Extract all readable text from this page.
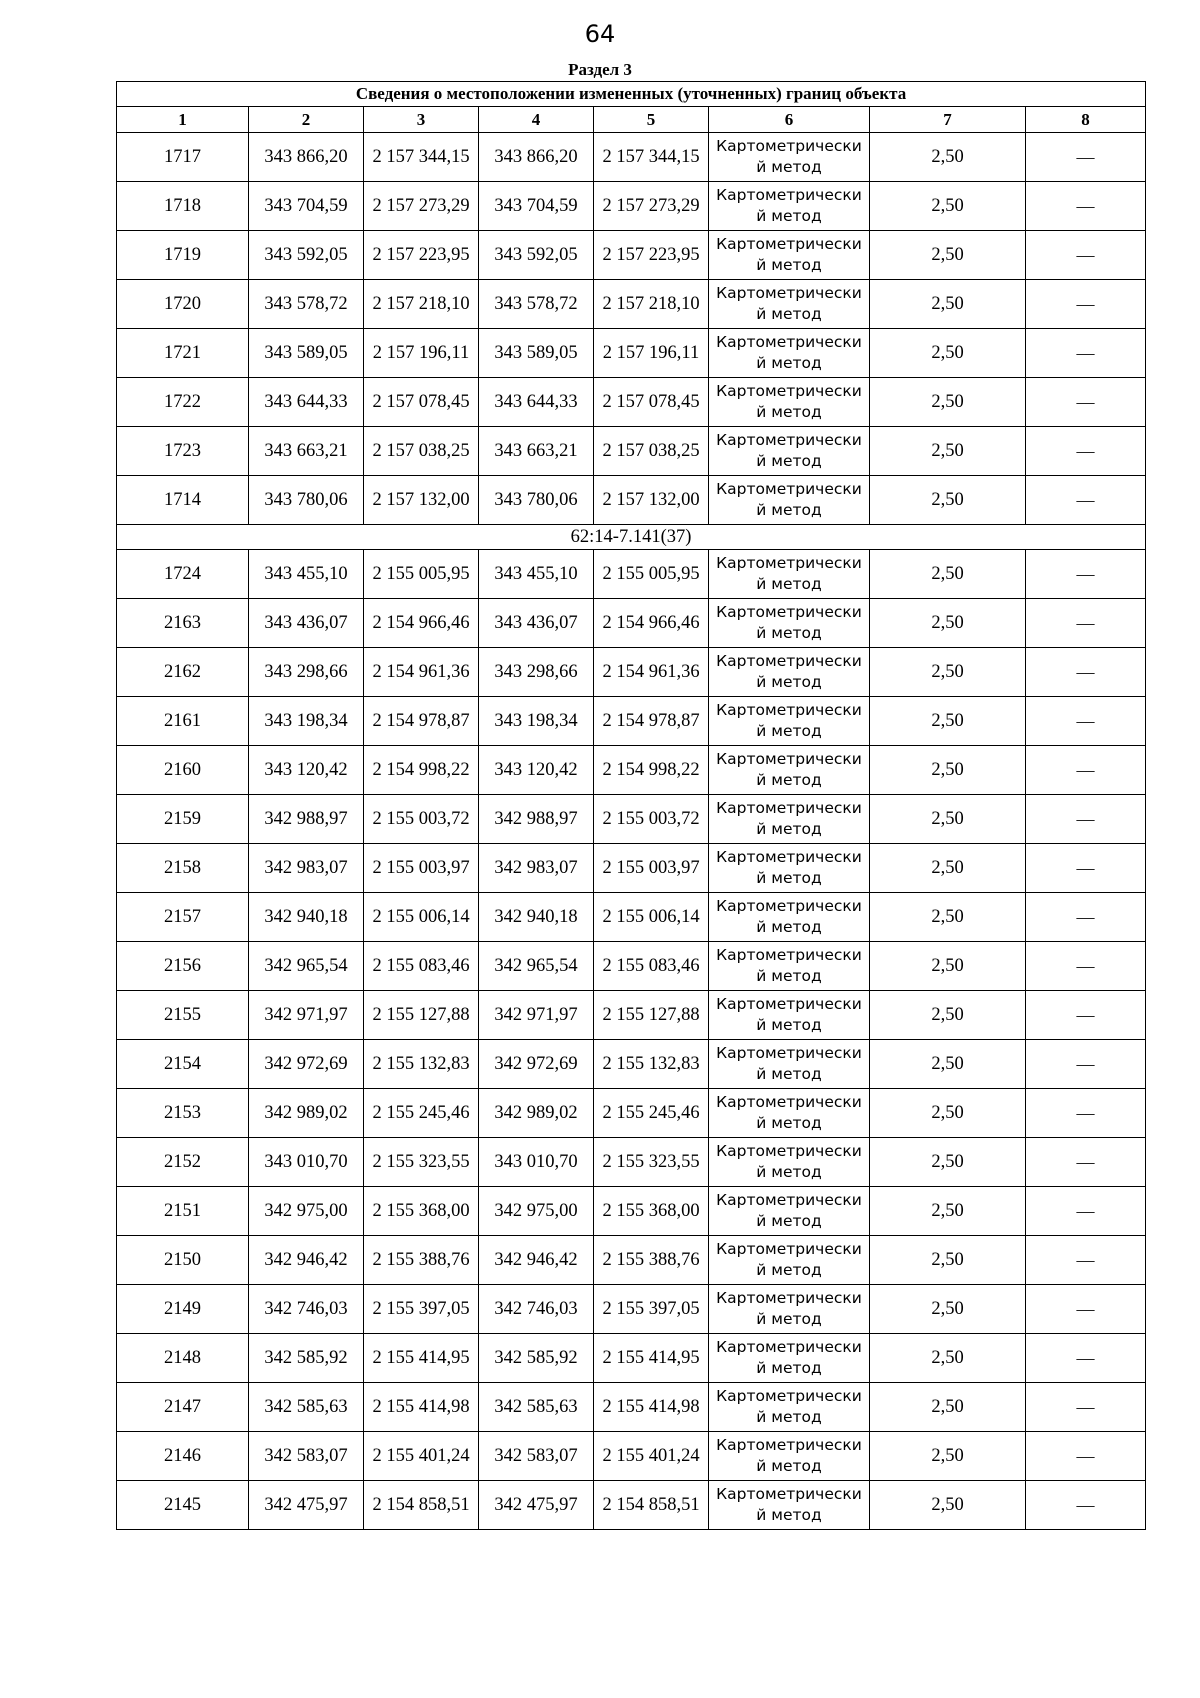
64
Раздел 3
Сведения о местоположении измененных (уточненных) границ объекта							
1	2	3	4	5	6	7	8
1717	343 866,20	2 157 344,15	343 866,20	2 157 344,15	Картометрически й метод	2,50	—
1718	343 704,59	2 157 273,29	343 704,59	2 157 273,29	Картометрически й метод	2,50	—
1719	343 592,05	2 157 223,95	343 592,05	2 157 223,95	Картометрически й метод	2,50	—
1720	343 578,72	2 157 218,10	343 578,72	2 157 218,10	Картометрически й метод	2,50	—
1721	343 589,05	2 157 196,11	343 589,05	2 157 196,11	Картометрически й метод	2,50	—
1722	343 644,33	2 157 078,45	343 644,33	2 157 078,45	Картометрически й метод	2,50	—
1723	343 663,21	2 157 038,25	343 663,21	2 157 038,25	Картометрически й метод	2,50	—
1714	343 780,06	2 157 132,00	343 780,06	2 157 132,00	Картометрически й метод	2,50	—
62:14-7.141(37)							
1724	343 455,10	2 155 005,95	343 455,10	2 155 005,95	Картометрически й метод	2,50	—
2163	343 436,07	2 154 966,46	343 436,07	2 154 966,46	Картометрически й метод	2,50	—
2162	343 298,66	2 154 961,36	343 298,66	2 154 961,36	Картометрически й метод	2,50	—
2161	343 198,34	2 154 978,87	343 198,34	2 154 978,87	Картометрически й метод	2,50	—
2160	343 120,42	2 154 998,22	343 120,42	2 154 998,22	Картометрически й метод	2,50	—
2159	342 988,97	2 155 003,72	342 988,97	2 155 003,72	Картометрически й метод	2,50	—
2158	342 983,07	2 155 003,97	342 983,07	2 155 003,97	Картометрически й метод	2,50	—
2157	342 940,18	2 155 006,14	342 940,18	2 155 006,14	Картометрически й метод	2,50	—
2156	342 965,54	2 155 083,46	342 965,54	2 155 083,46	Картометрически й метод	2,50	—
2155	342 971,97	2 155 127,88	342 971,97	2 155 127,88	Картометрически й метод	2,50	—
2154	342 972,69	2 155 132,83	342 972,69	2 155 132,83	Картометрически й метод	2,50	—
2153	342 989,02	2 155 245,46	342 989,02	2 155 245,46	Картометрически й метод	2,50	—
2152	343 010,70	2 155 323,55	343 010,70	2 155 323,55	Картометрически й метод	2,50	—
2151	342 975,00	2 155 368,00	342 975,00	2 155 368,00	Картометрически й метод	2,50	—
2150	342 946,42	2 155 388,76	342 946,42	2 155 388,76	Картометрически й метод	2,50	—
2149	342 746,03	2 155 397,05	342 746,03	2 155 397,05	Картометрически й метод	2,50	—
2148	342 585,92	2 155 414,95	342 585,92	2 155 414,95	Картометрически й метод	2,50	—
2147	342 585,63	2 155 414,98	342 585,63	2 155 414,98	Картометрически й метод	2,50	—
2146	342 583,07	2 155 401,24	342 583,07	2 155 401,24	Картометрически й метод	2,50	—
2145	342 475,97	2 154 858,51	342 475,97	2 154 858,51	Картометрически й метод	2,50	—
